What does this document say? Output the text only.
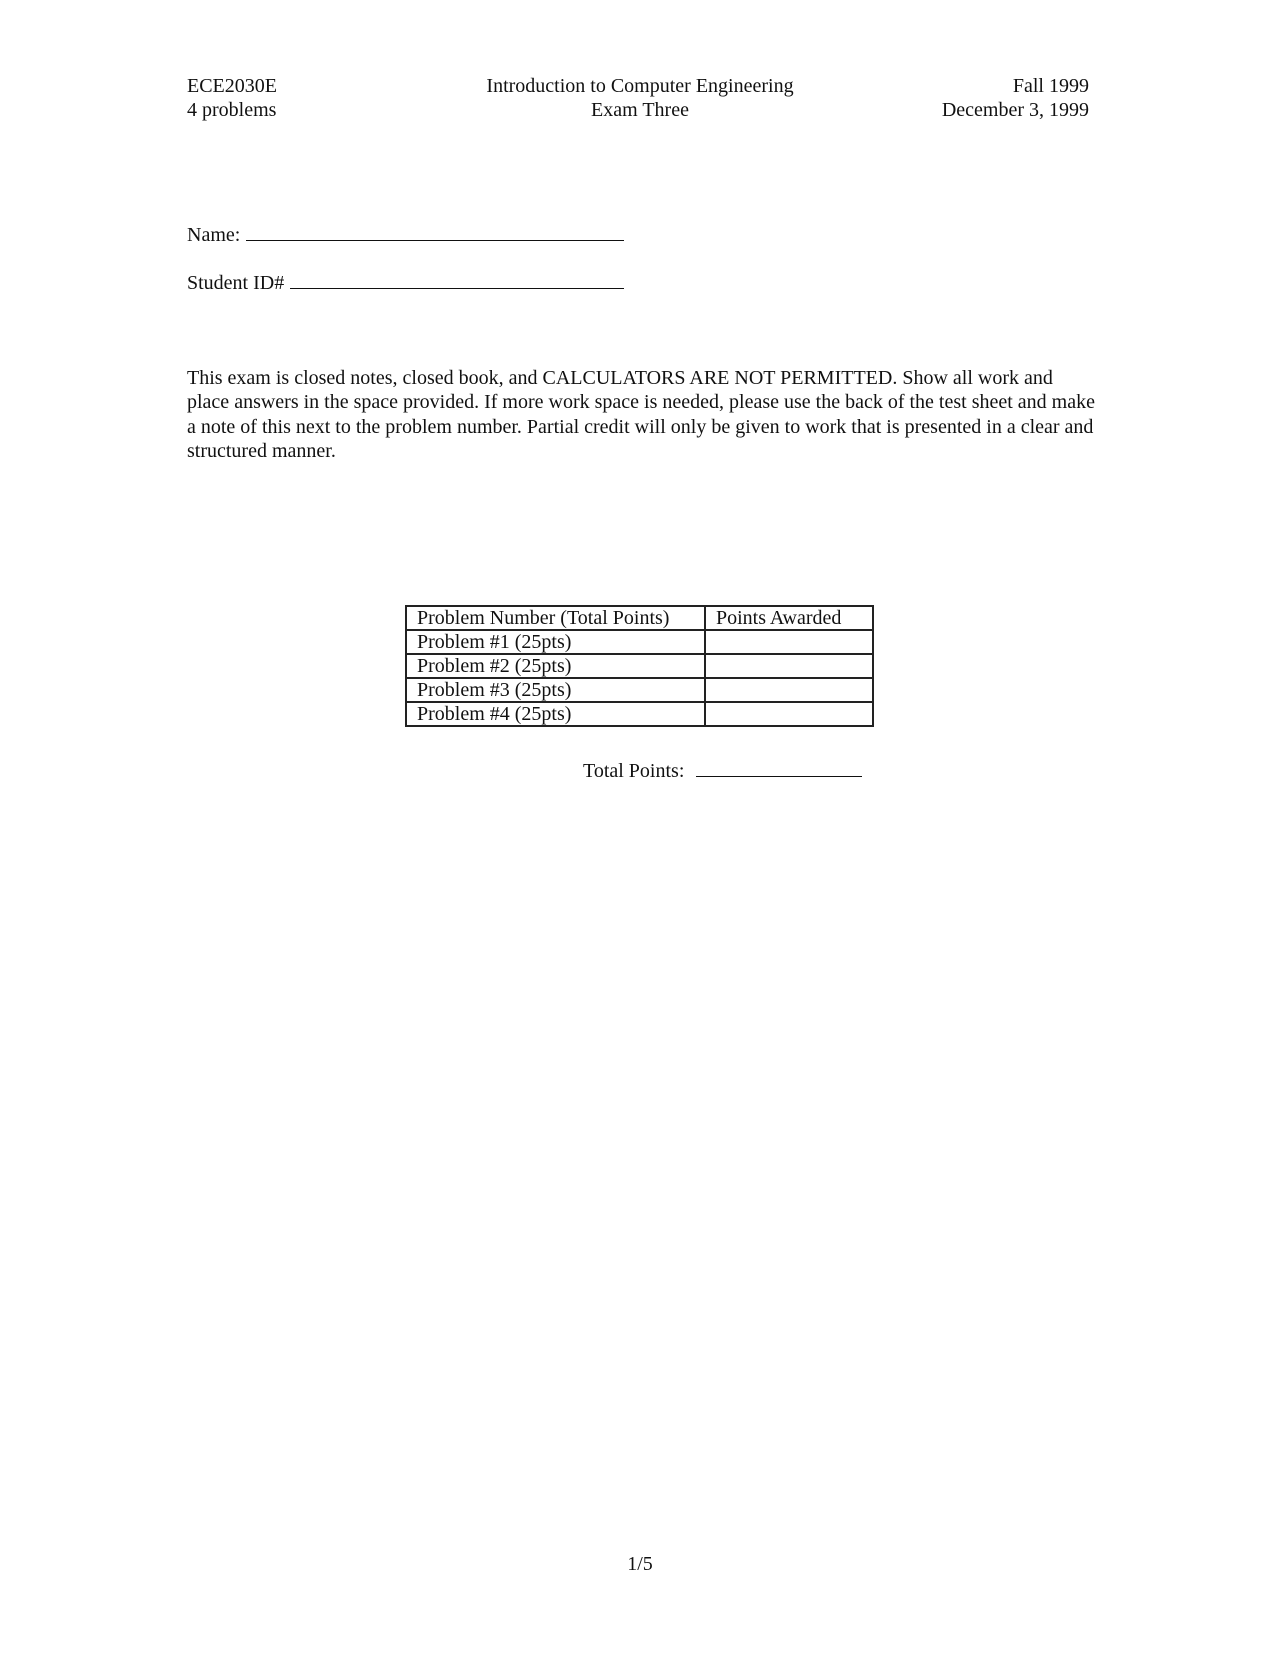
ECE2030E
4 problems
Introduction to Computer Engineering
Exam Three
Fall 1999
December 3, 1999
Name:
Student ID#
This exam is closed notes, closed book, and CALCULATORS ARE NOT PERMITTED. Show all work and place answers in the space provided. If more work space is needed, please use the back of the test sheet and make a note of this next to the problem number. Partial credit will only be given to work that is presented in a clear and structured manner.
Problem Number (Total Points)	Points Awarded
Problem #1 (25pts)	
Problem #2 (25pts)	
Problem #3 (25pts)	
Problem #4 (25pts)	
Total Points:
1/5
